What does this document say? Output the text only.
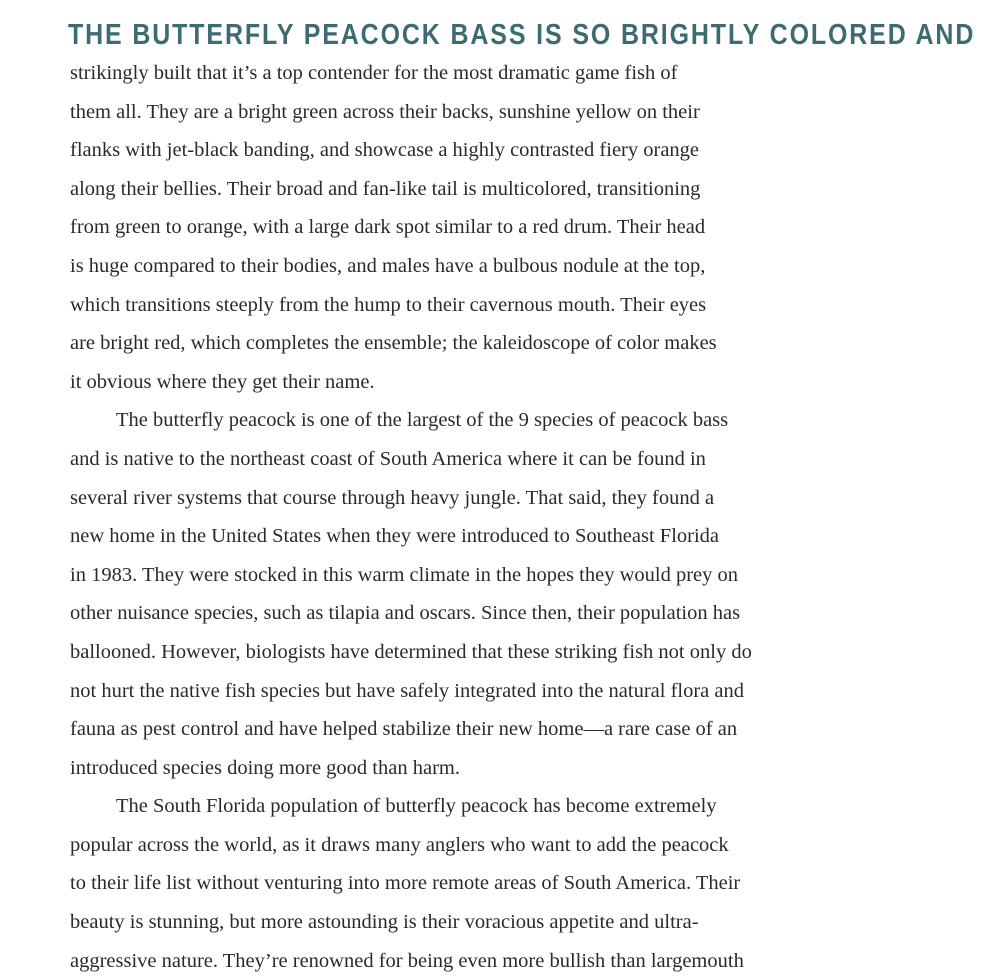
THE BUTTERFLY PEACOCK BASS IS SO BRIGHTLY COLORED AND

strikingly built that it’s a top contender for the most dramatic game fish of
them all. They are a bright green across their backs, sunshine yellow on their
flanks with jet-black banding, and showcase a highly contrasted fiery orange
along their bellies. Their broad and fan-like tail is multicolored, transitioning
from green to orange, with a large dark spot similar to a red drum. Their head
is huge compared to their bodies, and males have a bulbous nodule at the top,
which transitions steeply from the hump to their cavernous mouth. Their eyes
are bright red, which completes the ensemble; the kaleidoscope of color makes
it obvious where they get their name.

The butterfly peacock is one of the largest of the 9 species of peacock bass
and is native to the northeast coast of South America where it can be found in
several river systems that course through heavy jungle. That said, they found a
new home in the United States when they were introduced to Southeast Florida
in 1983. They were stocked in this warm climate in the hopes they would prey on
other nuisance species, such as tilapia and oscars. Since then, their population has
ballooned. However, biologists have determined that these striking fish not only do
not hurt the native fish species but have safely integrated into the natural flora and
fauna as pest control and have helped stabilize their new home—a rare case of an
introduced species doing more good than harm.

The South Florida population of butterfly peacock has become extremely
popular across the world, as it draws many anglers who want to add the peacock
to their life list without venturing into more remote areas of South America. Their
beauty is stunning, but more astounding is their voracious appetite and ultra-
aggressive nature. They’re renowned for being even more bullish than largemouth
